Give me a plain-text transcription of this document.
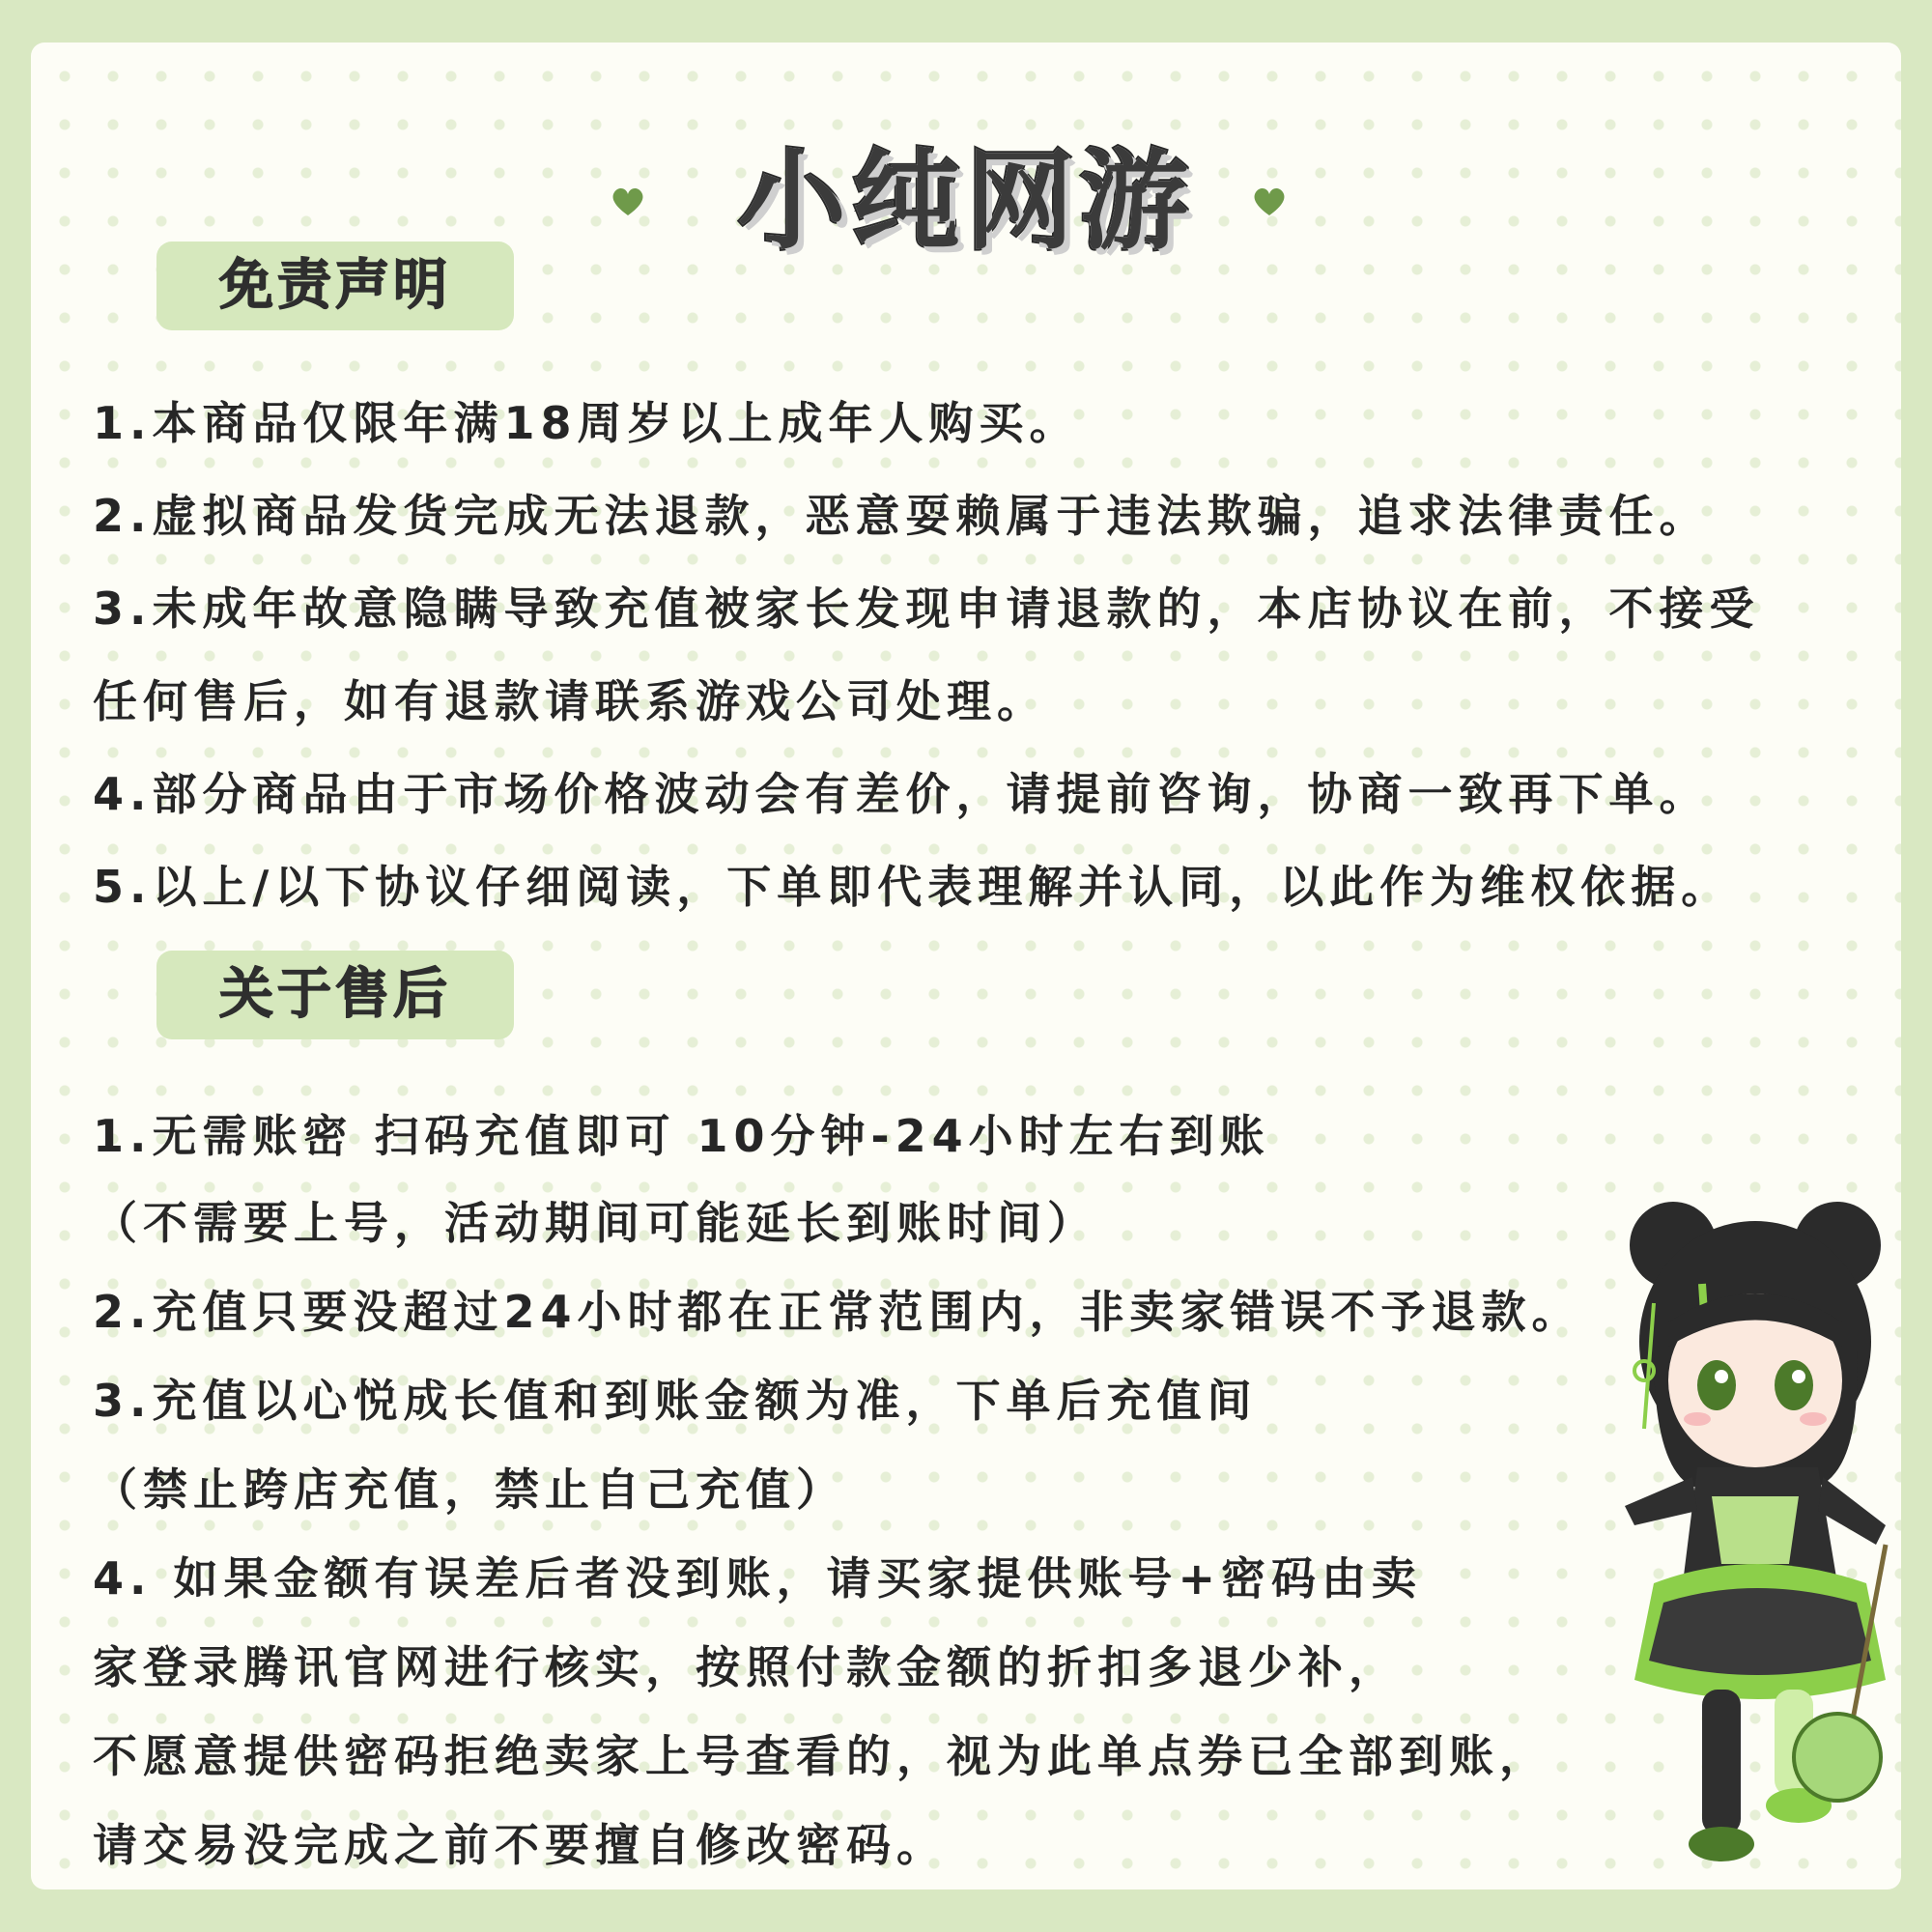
小纯网游
免责声明
1.本商品仅限年满18周岁以上成年人购买。
2.虚拟商品发货完成无法退款，恶意耍赖属于违法欺骗，追求法律责任。
3.未成年故意隐瞒导致充值被家长发现申请退款的，本店协议在前，不接受
任何售后，如有退款请联系游戏公司处理。
4.部分商品由于市场价格波动会有差价，请提前咨询，协商一致再下单。
5.以上/以下协议仔细阅读，下单即代表理解并认同，以此作为维权依据。
关于售后
1.无需账密 扫码充值即可 10分钟-24小时左右到账
（不需要上号，活动期间可能延长到账时间）
2.充值只要没超过24小时都在正常范围内，非卖家错误不予退款。
3.充值以心悦成长值和到账金额为准，下单后充值间
（禁止跨店充值，禁止自己充值）
4. 如果金额有误差后者没到账，请买家提供账号+密码由卖
家登录腾讯官网进行核实，按照付款金额的折扣多退少补，
不愿意提供密码拒绝卖家上号查看的，视为此单点券已全部到账，
请交易没完成之前不要擅自修改密码。
